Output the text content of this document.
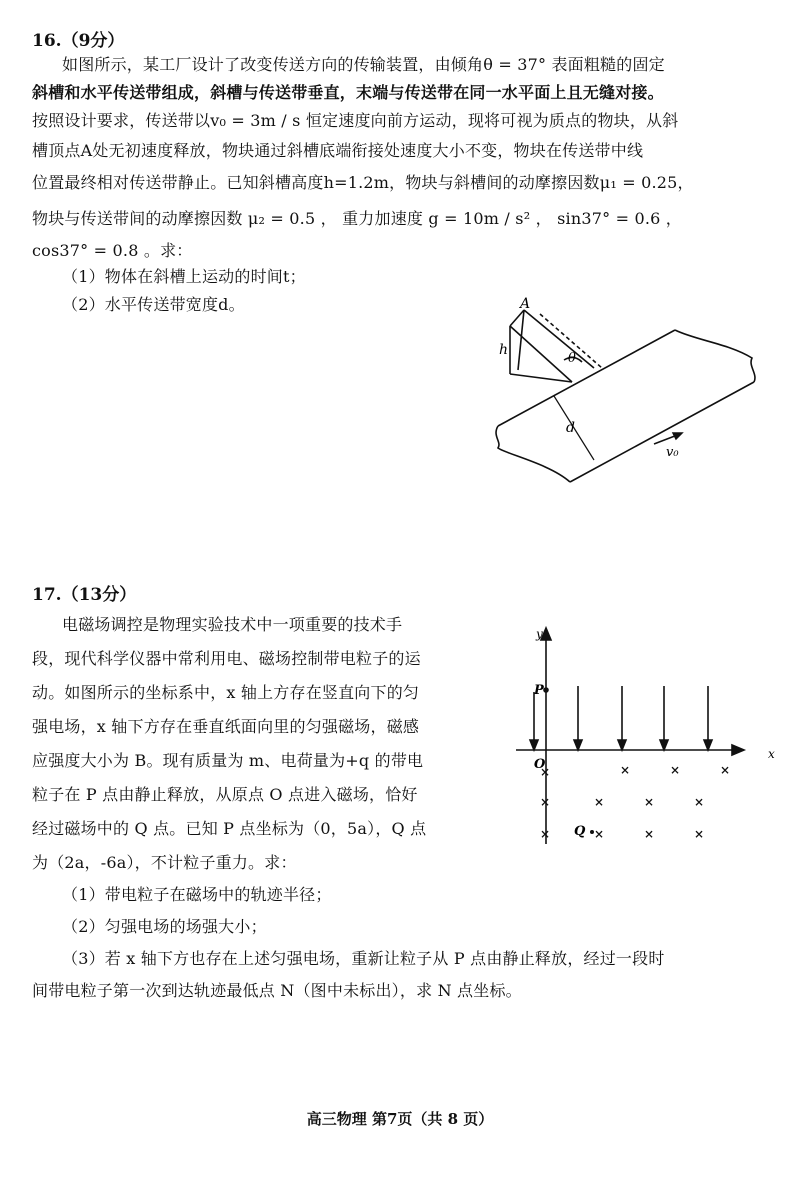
16.（9分）
如图所示，某工厂设计了改变传送方向的传输装置，由倾角θ = 37° 表面粗糙的固定
斜槽和水平传送带组成，斜槽与传送带垂直，末端与传送带在同一水平面上且无缝对接。
按照设计要求，传送带以v₀ = 3m / s 恒定速度向前方运动，现将可视为质点的物块，从斜
槽顶点A处无初速度释放，物块通过斜槽底端衔接处速度大小不变，物块在传送带中线
位置最终相对传送带静止。已知斜槽高度h=1.2m，物块与斜槽间的动摩擦因数μ₁ = 0.25，
物块与传送带间的动摩擦因数 μ₂ = 0.5 ， 重力加速度 g = 10m / s² ， sin37° = 0.6 ，
cos37° = 0.8 。求：
（1）物体在斜槽上运动的时间t；
（2）水平传送带宽度d。	A
h
θ
d
v₀
17.（13分）
电磁场调控是物理实验技术中一项重要的技术手
段，现代科学仪器中常利用电、磁场控制带电粒子的运
动。如图所示的坐标系中，x 轴上方存在竖直向下的匀
强电场，x 轴下方存在垂直纸面向里的匀强磁场，磁感
应强度大小为 B。现有质量为 m、电荷量为+q 的带电
粒子在 P 点由静止释放，从原点 O 点进入磁场，恰好
经过磁场中的 Q 点。已知 P 点坐标为（0，5a），Q 点
为（2a，-6a），不计粒子重力。求：
（1）带电粒子在磁场中的轨迹半径；
（2）匀强电场的场强大小；
（3）若 x 轴下方也存在上述匀强电场，重新让粒子从 P 点由静止释放，经过一段时
间带电粒子第一次到达轨迹最低点 N（图中未标出），求 N 点坐标。
y
x
P
O
Q
×	×	×	×
×	×	×	×
×	×	×	×
高三物理 第7页（共 8 页）
